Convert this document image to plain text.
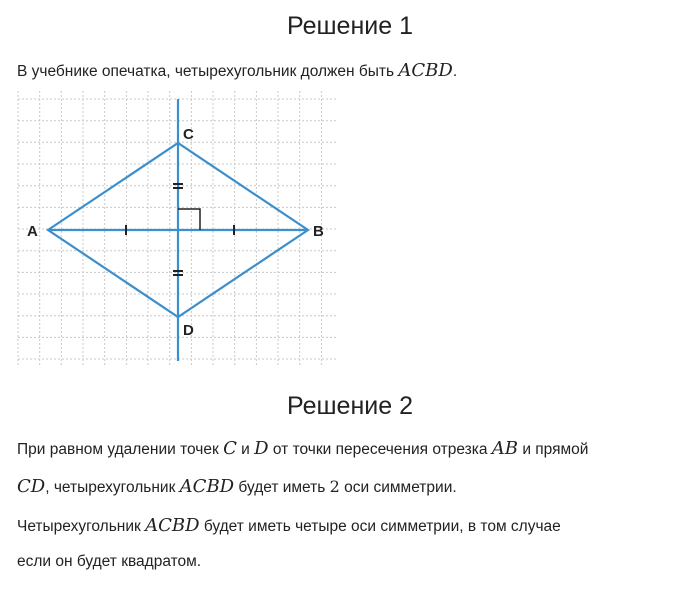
Решение 1
В учебнике опечатка, четырехугольник должен быть ACBD.
A	B
C
D
Решение 2
При равном удалении точек C и D от точки пересечения отрезка AB и прямой
CD, четырехугольник ACBD будет иметь 2 оси симметрии.
Четырехугольник ACBD будет иметь четыре оси симметрии, в том случае
если он будет квадратом.
